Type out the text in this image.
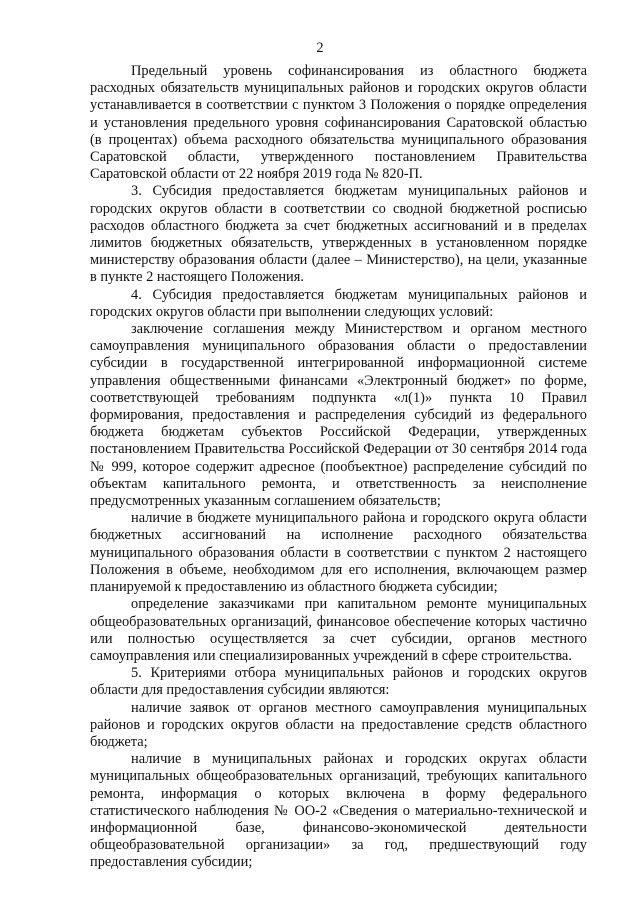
2

Предельный уровень софинансирования из областного бюджета расходных обязательств муниципальных районов и городских округов области устанавливается в соответствии с пунктом 3 Положения о порядке определения и установления предельного уровня софинансирования Саратовской областью (в процентах) объема расходного обязательства муниципального образования Саратовской области, утвержденного постановлением Правительства Саратовской области от 22 ноября 2019 года № 820-П.

3. Субсидия предоставляется бюджетам муниципальных районов и городских округов области в соответствии со сводной бюджетной росписью расходов областного бюджета за счет бюджетных ассигнований и в пределах лимитов бюджетных обязательств, утвержденных в установленном порядке министерству образования области (далее – Министерство), на цели, указанные в пункте 2 настоящего Положения.

4. Субсидия предоставляется бюджетам муниципальных районов и городских округов области при выполнении следующих условий:

заключение соглашения между Министерством и органом местного самоуправления муниципального образования области о предоставлении субсидии в государственной интегрированной информационной системе управления общественными финансами «Электронный бюджет» по форме, соответствующей требованиям подпункта «л(1)» пункта 10 Правил формирования, предоставления и распределения субсидий из федерального бюджета бюджетам субъектов Российской Федерации, утвержденных постановлением Правительства Российской Федерации от 30 сентября 2014 года № 999, которое содержит адресное (пообъектное) распределение субсидий по объектам капитального ремонта, и ответственность за неисполнение предусмотренных указанным соглашением обязательств;

наличие в бюджете муниципального района и городского округа области бюджетных ассигнований на исполнение расходного обязательства муниципального образования области в соответствии с пунктом 2 настоящего Положения в объеме, необходимом для его исполнения, включающем размер планируемой к предоставлению из областного бюджета субсидии;

определение заказчиками при капитальном ремонте муниципальных общеобразовательных организаций, финансовое обеспечение которых частично или полностью осуществляется за счет субсидии, органов местного самоуправления или специализированных учреждений в сфере строительства.

5. Критериями отбора муниципальных районов и городских округов области для предоставления субсидии являются:

наличие заявок от органов местного самоуправления муниципальных районов и городских округов области на предоставление средств областного бюджета;

наличие в муниципальных районах и городских округах области муниципальных общеобразовательных организаций, требующих капитального ремонта, информация о которых включена в форму федерального статистического наблюдения № ОО-2 «Сведения о материально-технической и информационной базе, финансово-экономической деятельности общеобразовательной организации» за год, предшествующий году предоставления субсидии;
